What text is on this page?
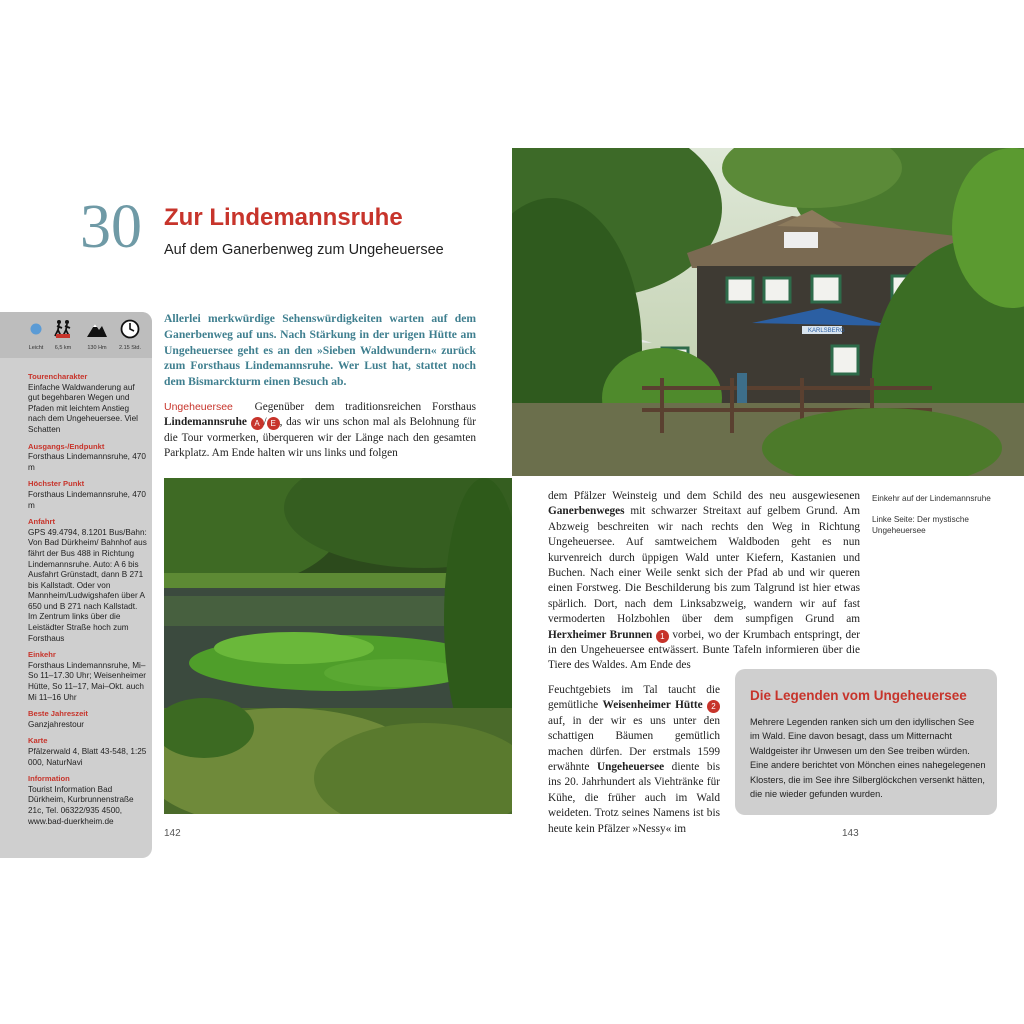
30 Zur Lindemannsruhe
Auf dem Ganerbenweg zum Ungeheuersee
Leicht	6,5 km	130 Hm	2.15 Std.
Tourencharakter
Einfache Waldwanderung auf gut begehbaren Wegen und Pfaden mit leichtem Anstieg nach dem Ungeheuersee. Viel Schatten
Ausgangs-/Endpunkt
Forsthaus Lindemannsruhe, 470 m
Höchster Punkt
Forsthaus Lindemannsruhe, 470 m
Anfahrt
GPS 49.4794, 8.1201 Bus/Bahn: Von Bad Dürkheim/ Bahnhof aus fährt der Bus 488 in Richtung Lindemannsruhe. Auto: A 6 bis Ausfahrt Grünstadt, dann B 271 bis Kallstadt. Oder von Mannheim/Ludwigshafen über A 650 und B 271 nach Kallstadt. Im Zentrum links über die Leistädter Straße hoch zum Forsthaus
Einkehr
Forsthaus Lindemannsruhe, Mi–So 11–17.30 Uhr; Weisenheimer Hütte, So 11–17, Mai–Okt. auch Mi 11–16 Uhr
Beste Jahreszeit
Ganzjahrestour
Karte
Pfälzerwald 4, Blatt 43-548, 1:25 000, NaturNavi
Information
Tourist Information Bad Dürkheim, Kurbrunnenstraße 21c, Tel. 06322/935 4500, www.bad-duerkheim.de
Allerlei merkwürdige Sehenswürdigkeiten warten auf dem Ganerbenweg auf uns. Nach Stärkung in der urigen Hütte am Ungeheuersee geht es an den »Sieben Waldwundern« zurück zum Forsthaus Lindemannsruhe. Wer Lust hat, stattet noch dem Bismarckturm einen Besuch ab.
Ungeheuersee Gegenüber dem traditionsreichen Forsthaus Lindemannsruhe A / E , das wir uns schon mal als Belohnung für die Tour vormerken, überqueren wir der Länge nach den gesamten Parkplatz. Am Ende halten wir uns links und folgen
KARLSBERG
Einkehr auf der Lindemannsruhe
Linke Seite: Der mystische Ungeheuersee
dem Pfälzer Weinsteig und dem Schild des neu ausgewiesenen Ganerbenweges mit schwarzer Streitaxt auf gelbem Grund. Am Abzweig beschreiten wir nach rechts den Weg in Richtung Ungeheuersee. Auf samtweichem Waldboden geht es nun kurvenreich durch üppigen Wald unter Kiefern, Kastanien und Buchen. Nach einer Weile senkt sich der Pfad ab und wir queren einen Forstweg. Die Beschilderung bis zum Talgrund ist hier etwas spärlich. Dort, nach dem Linksabzweig, wandern wir auf fast vermoderten Holzbohlen über dem sumpfigen Grund am Herxheimer Brunnen 1 vorbei, wo der Krumbach entspringt, der in den Ungeheuersee entwässert. Bunte Tafeln informieren über die Tiere des Waldes. Am Ende des
Feuchtgebiets im Tal taucht die gemütliche Weisenheimer Hütte 2 auf, in der wir es uns unter den schattigen Bäumen gemütlich machen dürfen. Der erstmals 1599 erwähnte Ungeheuersee diente bis ins 20. Jahrhundert als Viehtränke für Kühe, die früher auch im Wald weideten. Trotz seines Namens ist bis heute kein Pfälzer »Nessy« im
Die Legenden vom Ungeheuersee
Mehrere Legenden ranken sich um den idyllischen See im Wald. Eine davon besagt, dass um Mitternacht Waldgeister ihr Unwesen um den See treiben würden. Eine andere berichtet von Mönchen eines nahegelegenen Klosters, die im See ihre Silberglöckchen versenkt hätten, die nie wieder gefunden wurden.
142	143
